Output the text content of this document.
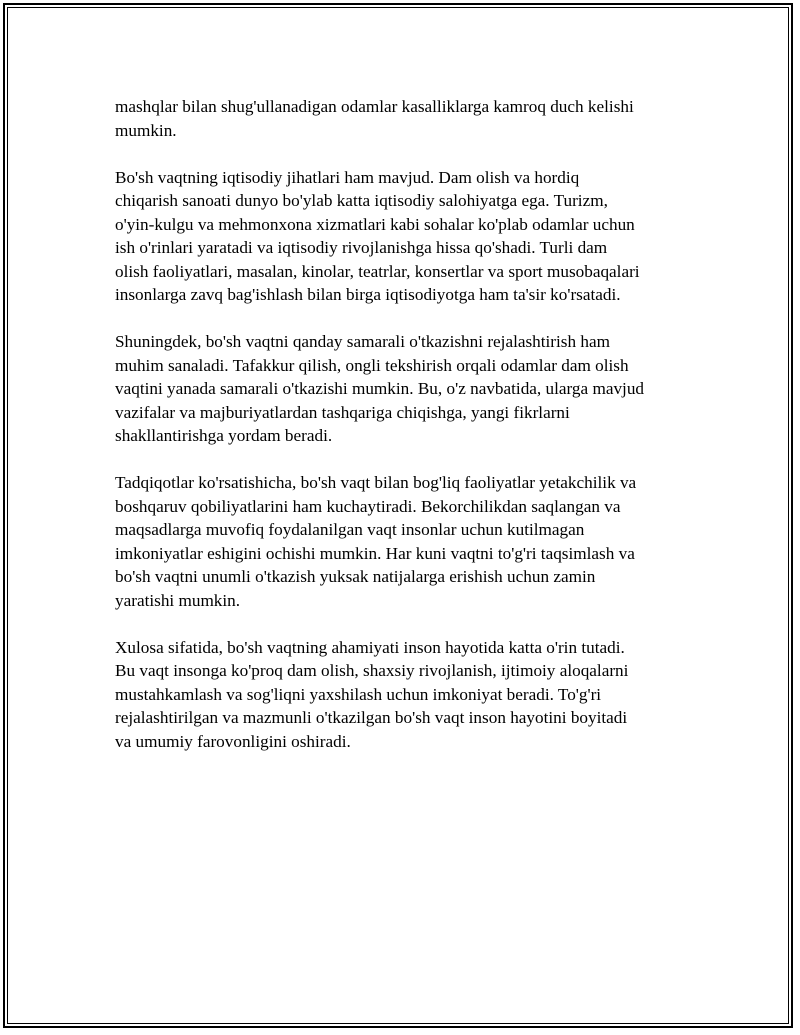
mashqlar bilan shug'ullanadigan odamlar kasalliklarga kamroq duch kelishi
mumkin.

Bo'sh vaqtning iqtisodiy jihatlari ham mavjud. Dam olish va hordiq
chiqarish sanoati dunyo bo'ylab katta iqtisodiy salohiyatga ega. Turizm,
o'yin-kulgu va mehmonxona xizmatlari kabi sohalar ko'plab odamlar uchun
ish o'rinlari yaratadi va iqtisodiy rivojlanishga hissa qo'shadi. Turli dam
olish faoliyatlari, masalan, kinolar, teatrlar, konsertlar va sport musobaqalari
insonlarga zavq bag'ishlash bilan birga iqtisodiyotga ham ta'sir ko'rsatadi.

Shuningdek, bo'sh vaqtni qanday samarali o'tkazishni rejalashtirish ham
muhim sanaladi. Tafakkur qilish, ongli tekshirish orqali odamlar dam olish
vaqtini yanada samarali o'tkazishi mumkin. Bu, o'z navbatida, ularga mavjud
vazifalar va majburiyatlardan tashqariga chiqishga, yangi fikrlarni
shakllantirishga yordam beradi.

Tadqiqotlar ko'rsatishicha, bo'sh vaqt bilan bog'liq faoliyatlar yetakchilik va
boshqaruv qobiliyatlarini ham kuchaytiradi. Bekorchilikdan saqlangan va
maqsadlarga muvofiq foydalanilgan vaqt insonlar uchun kutilmagan
imkoniyatlar eshigini ochishi mumkin. Har kuni vaqtni to'g'ri taqsimlash va
bo'sh vaqtni unumli o'tkazish yuksak natijalarga erishish uchun zamin
yaratishi mumkin.

Xulosa sifatida, bo'sh vaqtning ahamiyati inson hayotida katta o'rin tutadi.
Bu vaqt insonga ko'proq dam olish, shaxsiy rivojlanish, ijtimoiy aloqalarni
mustahkamlash va sog'liqni yaxshilash uchun imkoniyat beradi. To'g'ri
rejalashtirilgan va mazmunli o'tkazilgan bo'sh vaqt inson hayotini boyitadi
va umumiy farovonligini oshiradi.
